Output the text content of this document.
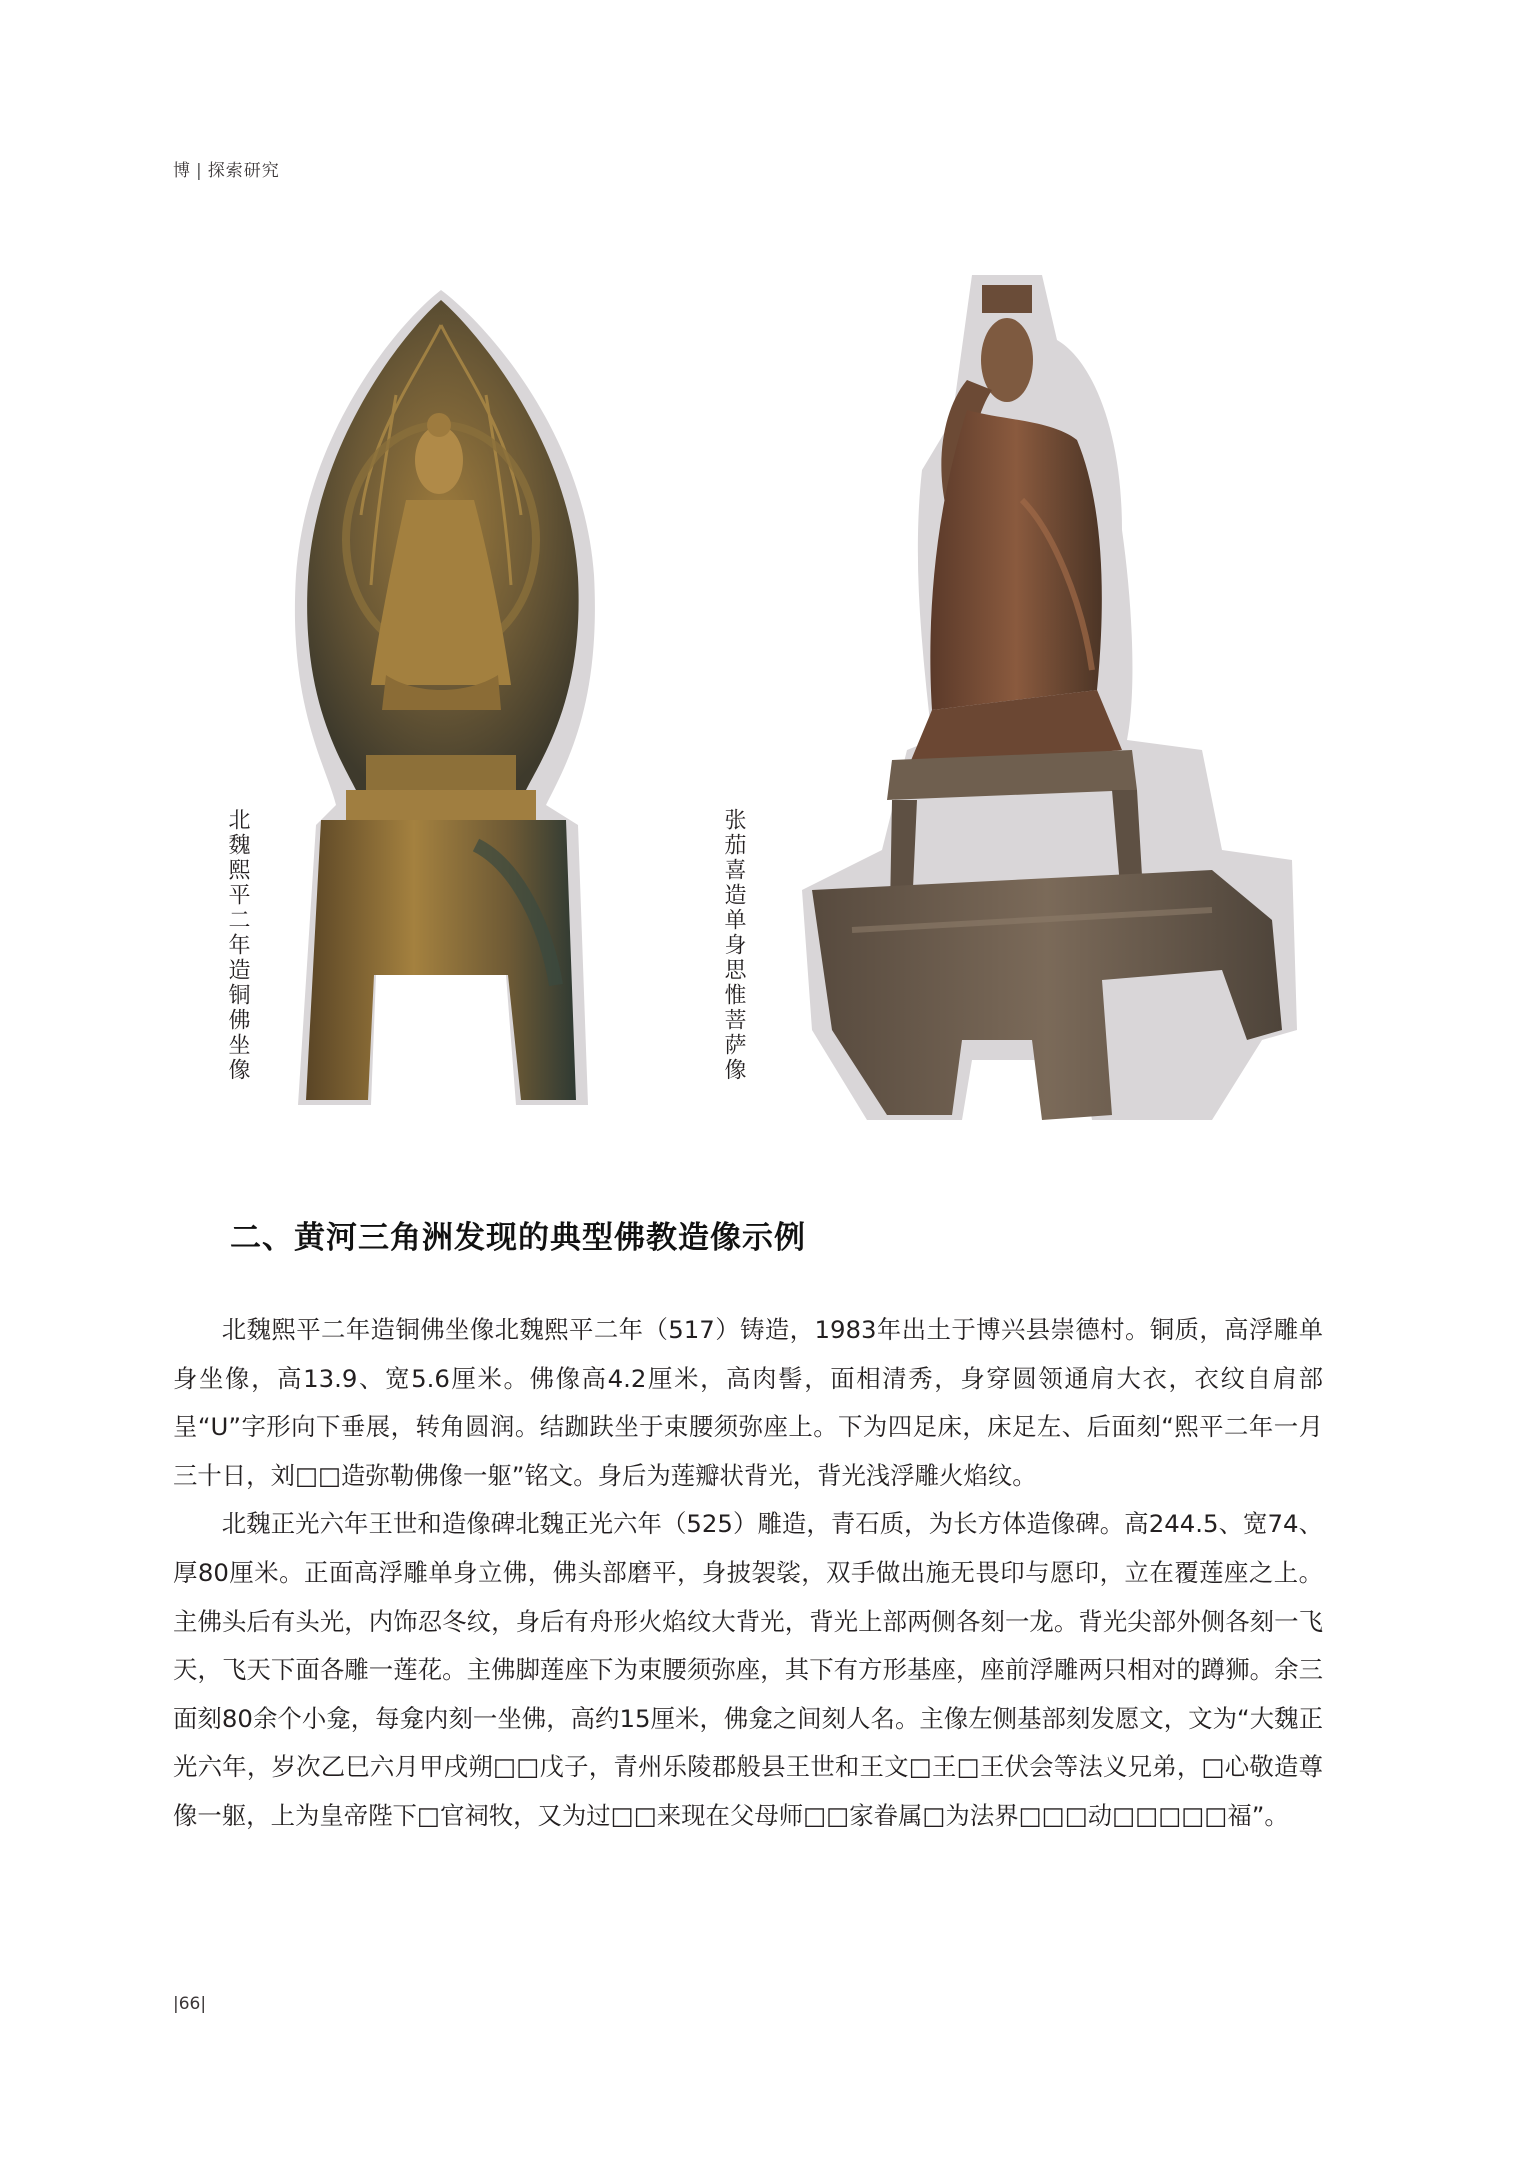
博 | 探索研究
北魏熙平二年造铜佛坐像	张茄喜造单身思惟菩萨像
二、黄河三角洲发现的典型佛教造像示例

北魏熙平二年造铜佛坐像北魏熙平二年（517）铸造，1983年出土于博兴县崇德村。铜质，高浮雕单身坐像，高13.9、宽5.6厘米。佛像高4.2厘米，高肉髻，面相清秀，身穿圆领通肩大衣，衣纹自肩部呈“U”字形向下垂展，转角圆润。结跏趺坐于束腰须弥座上。下为四足床，床足左、后面刻“熙平二年一月三十日，刘□□造弥勒佛像一躯”铭文。身后为莲瓣状背光，背光浅浮雕火焰纹。

北魏正光六年王世和造像碑北魏正光六年（525）雕造，青石质，为长方体造像碑。高244.5、宽74、厚80厘米。正面高浮雕单身立佛，佛头部磨平，身披袈裟，双手做出施无畏印与愿印，立在覆莲座之上。主佛头后有头光，内饰忍冬纹，身后有舟形火焰纹大背光，背光上部两侧各刻一龙。背光尖部外侧各刻一飞天，飞天下面各雕一莲花。主佛脚莲座下为束腰须弥座，其下有方形基座，座前浮雕两只相对的蹲狮。余三面刻80余个小龛，每龛内刻一坐佛，高约15厘米，佛龛之间刻人名。主像左侧基部刻发愿文，文为“大魏正光六年，岁次乙巳六月甲戌朔□□戊子，青州乐陵郡般县王世和王文□王□王伏会等法义兄弟，□心敬造尊像一躯，上为皇帝陛下□官祠牧，又为过□□来现在父母师□□家眷属□为法界□□□动□□□□□福”。

|66|
